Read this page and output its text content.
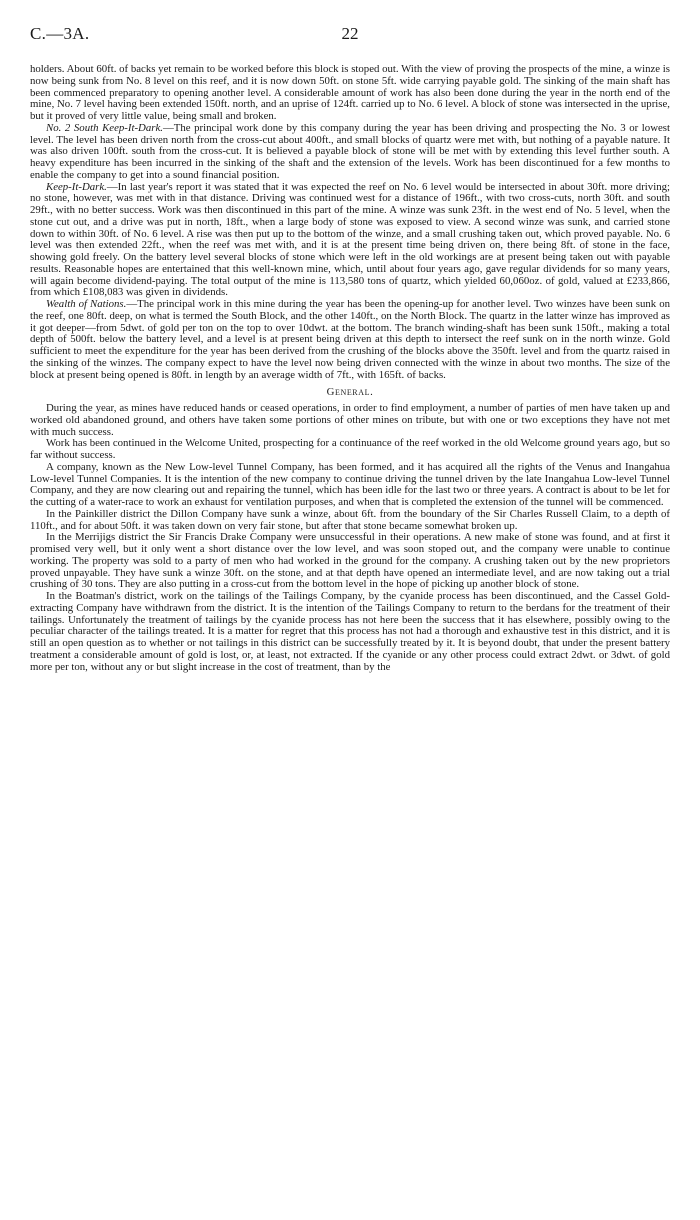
C.—3A.	22

holders. About 60ft. of backs yet remain to be worked before this block is stoped out. With the view of proving the prospects of the mine, a winze is now being sunk from No. 8 level on this reef, and it is now down 50ft. on stone 5ft. wide carrying payable gold. The sinking of the main shaft has been commenced preparatory to opening another level. A considerable amount of work has also been done during the year in the north end of the mine, No. 7 level having been extended 150ft. north, and an uprise of 124ft. carried up to No. 6 level. A block of stone was intersected in the uprise, but it proved of very little value, being small and broken.

No. 2 South Keep-It-Dark.—The principal work done by this company during the year has been driving and prospecting the No. 3 or lowest level. The level has been driven north from the cross-cut about 400ft., and small blocks of quartz were met with, but nothing of a payable nature. It was also driven 100ft. south from the cross-cut. It is believed a payable block of stone will be met with by extending this level further south. A heavy expenditure has been incurred in the sinking of the shaft and the extension of the levels. Work has been discontinued for a few months to enable the company to get into a sound financial position.

Keep-It-Dark.—In last year's report it was stated that it was expected the reef on No. 6 level would be intersected in about 30ft. more driving; no stone, however, was met with in that distance. Driving was continued west for a distance of 196ft., with two cross-cuts, north 30ft. and south 29ft., with no better success. Work was then discontinued in this part of the mine. A winze was sunk 23ft. in the west end of No. 5 level, when the stone cut out, and a drive was put in north, 18ft., when a large body of stone was exposed to view. A second winze was sunk, and carried stone down to within 30ft. of No. 6 level. A rise was then put up to the bottom of the winze, and a small crushing taken out, which proved payable. No. 6 level was then extended 22ft., when the reef was met with, and it is at the present time being driven on, there being 8ft. of stone in the face, showing gold freely. On the battery level several blocks of stone which were left in the old workings are at present being taken out with payable results. Reasonable hopes are entertained that this well-known mine, which, until about four years ago, gave regular dividends for so many years, will again become dividend-paying. The total output of the mine is 113,580 tons of quartz, which yielded 60,060oz. of gold, valued at £233,866, from which £108,083 was given in dividends.

Wealth of Nations.—The principal work in this mine during the year has been the opening-up for another level. Two winzes have been sunk on the reef, one 80ft. deep, on what is termed the South Block, and the other 140ft., on the North Block. The quartz in the latter winze has improved as it got deeper—from 5dwt. of gold per ton on the top to over 10dwt. at the bottom. The branch winding-shaft has been sunk 150ft., making a total depth of 500ft. below the battery level, and a level is at present being driven at this depth to intersect the reef sunk on in the north winze. Gold sufficient to meet the expenditure for the year has been derived from the crushing of the blocks above the 350ft. level and from the quartz raised in the sinking of the winzes. The company expect to have the level now being driven connected with the winze in about two months. The size of the block at present being opened is 80ft. in length by an average width of 7ft., with 165ft. of backs.

General.

During the year, as mines have reduced hands or ceased operations, in order to find employment, a number of parties of men have taken up and worked old abandoned ground, and others have taken some portions of other mines on tribute, but with one or two exceptions they have not met with much success.

Work has been continued in the Welcome United, prospecting for a continuance of the reef worked in the old Welcome ground years ago, but so far without success.

A company, known as the New Low-level Tunnel Company, has been formed, and it has acquired all the rights of the Venus and Inangahua Low-level Tunnel Companies. It is the intention of the new company to continue driving the tunnel driven by the late Inangahua Low-level Tunnel Company, and they are now clearing out and repairing the tunnel, which has been idle for the last two or three years. A contract is about to be let for the cutting of a water-race to work an exhaust for ventilation purposes, and when that is completed the extension of the tunnel will be commenced.

In the Painkiller district the Dillon Company have sunk a winze, about 6ft. from the boundary of the Sir Charles Russell Claim, to a depth of 110ft., and for about 50ft. it was taken down on very fair stone, but after that stone became somewhat broken up.

In the Merrijigs district the Sir Francis Drake Company were unsuccessful in their operations. A new make of stone was found, and at first it promised very well, but it only went a short distance over the low level, and was soon stoped out, and the company were unable to continue working. The property was sold to a party of men who had worked in the ground for the company. A crushing taken out by the new proprietors proved unpayable. They have sunk a winze 30ft. on the stone, and at that depth have opened an intermediate level, and are now taking out a trial crushing of 30 tons. They are also putting in a cross-cut from the bottom level in the hope of picking up another block of stone.

In the Boatman's district, work on the tailings of the Tailings Company, by the cyanide process has been discontinued, and the Cassel Gold-extracting Company have withdrawn from the district. It is the intention of the Tailings Company to return to the berdans for the treatment of their tailings. Unfortunately the treatment of tailings by the cyanide process has not here been the success that it has elsewhere, possibly owing to the peculiar character of the tailings treated. It is a matter for regret that this process has not had a thorough and exhaustive test in this district, and it is still an open question as to whether or not tailings in this district can be successfully treated by it. It is beyond doubt, that under the present battery treatment a considerable amount of gold is lost, or, at least, not extracted. If the cyanide or any other process could extract 2dwt. or 3dwt. of gold more per ton, without any or but slight increase in the cost of treatment, than by the
